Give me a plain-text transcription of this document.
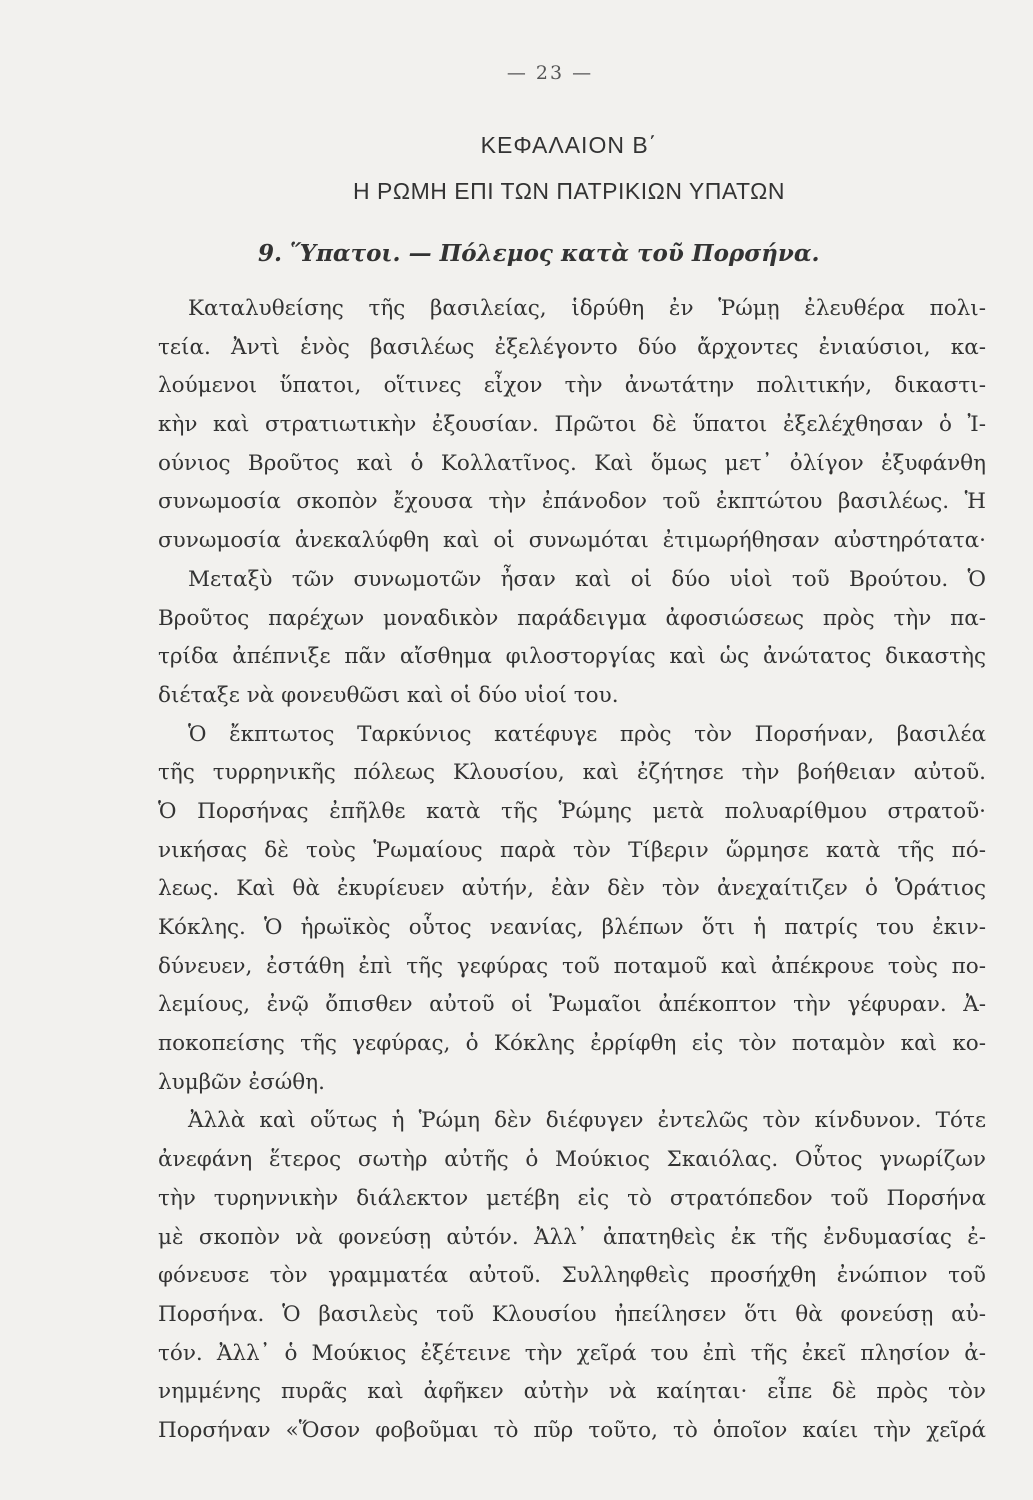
— 23 —
ΚΕΦΑΛΑΙΟΝ Β΄
Η ΡΩΜΗ ΕΠΙ ΤΩΝ ΠΑΤΡΙΚΙΩΝ ΥΠΑΤΩΝ
9. Ὕπατοι. — Πόλεμος κατὰ τοῦ Πορσήνα.
Καταλυθείσης τῆς βασιλείας, ἱδρύθη ἐν Ῥώμῃ ἐλευθέρα πολι-
τεία. Ἀντὶ ἑνὸς βασιλέως ἐξελέγοντο δύο ἄρχοντες ἐνιαύσιοι, κα-
λούμενοι ὕπατοι, οἵτινες εἶχον τὴν ἀνωτάτην πολιτικήν, δικαστι-
κὴν καὶ στρατιωτικὴν ἐξουσίαν. Πρῶτοι δὲ ὕπατοι ἐξελέχθησαν ὁ Ἰ-
ούνιος Βροῦτος καὶ ὁ Κολλατῖνος. Καὶ ὅμως μετ᾽ ὀλίγον ἐξυφάνθη
συνωμοσία σκοπὸν ἔχουσα τὴν ἐπάνοδον τοῦ ἐκπτώτου βασιλέως. Ἡ
συνωμοσία ἀνεκαλύφθη καὶ οἱ συνωμόται ἐτιμωρήθησαν αὐστηρότατα·
Μεταξὺ τῶν συνωμοτῶν ἦσαν καὶ οἱ δύο υἱοὶ τοῦ Βρούτου. Ὁ
Βροῦτος παρέχων μοναδικὸν παράδειγμα ἀφοσιώσεως πρὸς τὴν πα-
τρίδα ἀπέπνιξε πᾶν αἴσθημα φιλοστοργίας καὶ ὡς ἀνώτατος δικαστὴς
διέταξε νὰ φονευθῶσι καὶ οἱ δύο υἱοί του.
Ὁ ἔκπτωτος Ταρκύνιος κατέφυγε πρὸς τὸν Πορσήναν, βασιλέα
τῆς τυρρηνικῆς πόλεως Κλουσίου, καὶ ἐζήτησε τὴν βοήθειαν αὐτοῦ.
Ὁ Πορσήνας ἐπῆλθε κατὰ τῆς Ῥώμης μετὰ πολυαρίθμου στρατοῦ·
νικήσας δὲ τοὺς Ῥωμαίους παρὰ τὸν Τίβεριν ὥρμησε κατὰ τῆς πό-
λεως. Καὶ θὰ ἐκυρίευεν αὐτήν, ἐὰν δὲν τὸν ἀνεχαίτιζεν ὁ Ὁράτιος
Κόκλης. Ὁ ἡρωϊκὸς οὗτος νεανίας, βλέπων ὅτι ἡ πατρίς του ἐκιν-
δύνευεν, ἐστάθη ἐπὶ τῆς γεφύρας τοῦ ποταμοῦ καὶ ἀπέκρουε τοὺς πο-
λεμίους, ἐνῷ ὄπισθεν αὐτοῦ οἱ Ῥωμαῖοι ἀπέκοπτον τὴν γέφυραν. Ἀ-
ποκοπείσης τῆς γεφύρας, ὁ Κόκλης ἐρρίφθη εἰς τὸν ποταμὸν καὶ κο-
λυμβῶν ἐσώθη.
Ἀλλὰ καὶ οὕτως ἡ Ῥώμη δὲν διέφυγεν ἐντελῶς τὸν κίνδυνον. Τότε
ἀνεφάνη ἕτερος σωτὴρ αὐτῆς ὁ Μούκιος Σκαιόλας. Οὗτος γνωρίζων
τὴν τυρηννικὴν διάλεκτον μετέβη εἰς τὸ στρατόπεδον τοῦ Πορσήνα
μὲ σκοπὸν νὰ φονεύσῃ αὐτόν. Ἀλλ᾽ ἀπατηθεὶς ἐκ τῆς ἐνδυμασίας ἐ-
φόνευσε τὸν γραμματέα αὐτοῦ. Συλληφθεὶς προσήχθη ἐνώπιον τοῦ
Πορσήνα. Ὁ βασιλεὺς τοῦ Κλουσίου ἠπείλησεν ὅτι θὰ φονεύσῃ αὐ-
τόν. Ἀλλ᾽ ὁ Μούκιος ἐξέτεινε τὴν χεῖρά του ἐπὶ τῆς ἐκεῖ πλησίον ἀ-
νημμένης πυρᾶς καὶ ἀφῆκεν αὐτὴν νὰ καίηται· εἶπε δὲ πρὸς τὸν
Πορσήναν «Ὅσον φοβοῦμαι τὸ πῦρ τοῦτο, τὸ ὁποῖον καίει τὴν χεῖρά
